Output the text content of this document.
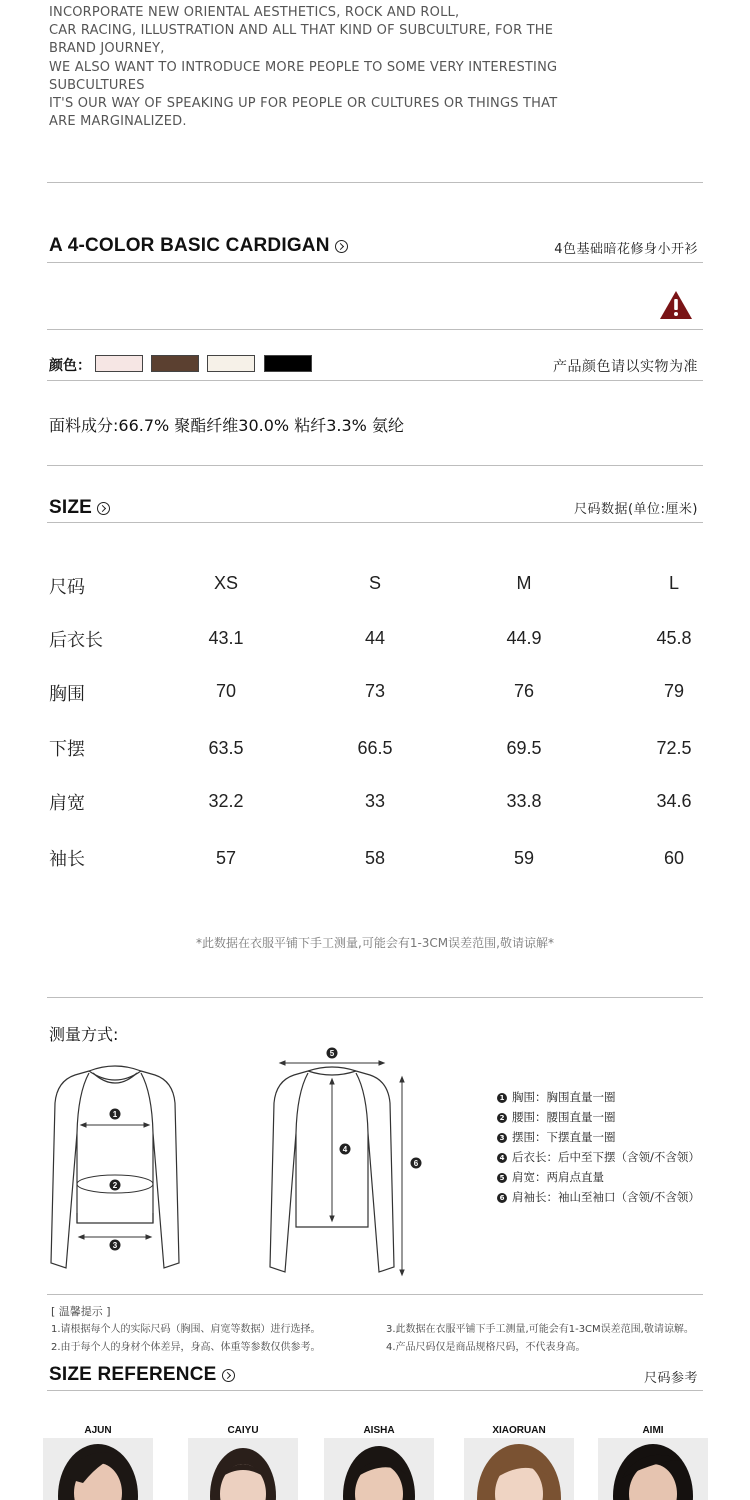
INCORPORATE NEW ORIENTAL AESTHETICS, ROCK AND ROLL,
CAR RACING, ILLUSTRATION AND ALL THAT KIND OF SUBCULTURE, FOR THE
BRAND JOURNEY,
WE ALSO WANT TO INTRODUCE MORE PEOPLE TO SOME VERY INTERESTING
SUBCULTURES
IT'S OUR WAY OF SPEAKING UP FOR PEOPLE OR CULTURES OR THINGS THAT
ARE MARGINALIZED.
A 4-COLOR BASIC CARDIGAN	4色基础暗花修身小开衫
颜色：	产品颜色请以实物为准
面料成分:66.7% 聚酯纤维30.0% 粘纤3.3% 氨纶
SIZE	尺码数据(单位:厘米)
尺码	XS	S	M	L
后衣长	43.1	44	44.9	45.8
胸围	70	73	76	79
下摆	63.5	66.5	69.5	72.5
肩宽	32.2	33	33.8	34.6
袖长	57	58	59	60
*此数据在衣服平铺下手工测量,可能会有1-3CM误差范围,敬请谅解*
测量方式:
1
2
3
5
4
6
1 胸围：胸围直量一圈
2 腰围：腰围直量一圈
3 摆围：下摆直量一圈
4 后衣长：后中至下摆（含领/不含领）
5 肩宽：两肩点直量
6 肩袖长：袖山至袖口（含领/不含领）
[ 温馨提示 ]
1.请根据每个人的实际尺码（胸围、肩宽等数据）进行选择。
2.由于每个人的身材个体差异，身高、体重等参数仅供参考。
3.此数据在衣服平铺下手工测量,可能会有1-3CM误差范围,敬请谅解。
4.产品尺码仅是商品规格尺码，不代表身高。
SIZE REFERENCE	尺码参考
AJUN	CAIYU	AISHA	XIAORUAN	AIMI
